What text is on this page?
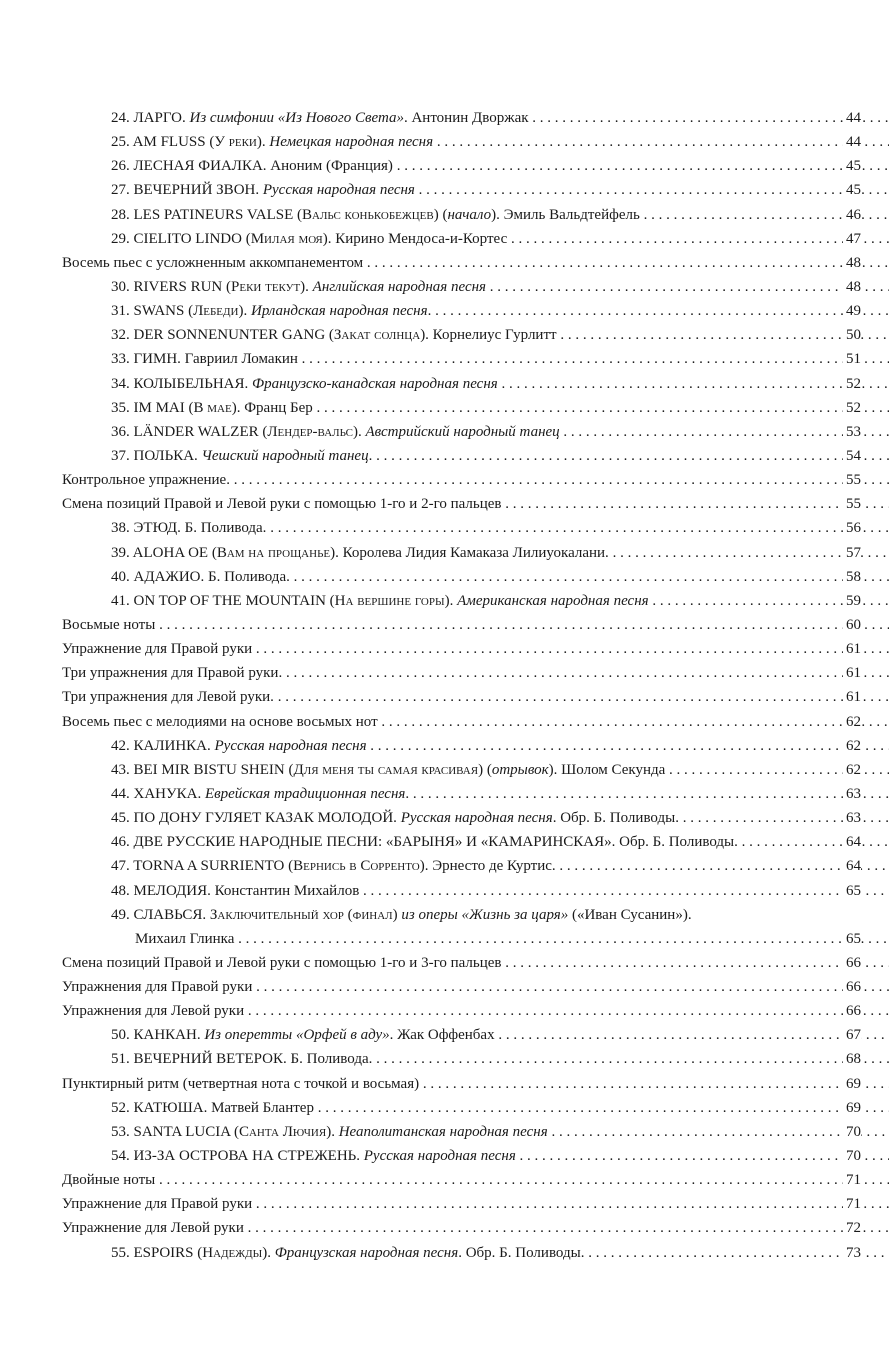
24. ЛАРГО. Из симфонии «Из Нового Света». Антонин Дворжак . . .	44
25. AM FLUSS (У реки). Немецкая народная песня . . .	44
26. ЛЕСНАЯ ФИАЛКА. Аноним (Франция) . . .	45
27. ВЕЧЕРНИЙ ЗВОН. Русская народная песня . . .	45
28. LES PATINEURS VALSE (Вальс конькобежцев) (начало). Эмиль Вальдтейфель . . .	46
29. CIELITO LINDO (Милая моя). Кирино Мендоса-и-Кортес . . .	47
Восемь пьес с усложненным аккомпанементом . . .	48
30. RIVERS RUN (Реки текут). Английская народная песня . . .	48
31. SWANS (Лебеди). Ирландская народная песня. . . .	49
32. DER SONNENUNTER GANG (Закат солнца). Корнелиус Гурлитт . . .	50
33. ГИМН. Гавриил Ломакин . . .	51
34. КОЛЫБЕЛЬНАЯ. Французско-канадская народная песня . . .	52
35. IM MAI (В мае). Франц Бер . . .	52
36. LÄNDER WALZER (Лендер-вальс). Австрийский народный танец . . .	53
37. ПОЛЬКА. Чешский народный танец. . . .	54
Контрольное упражнение. . . .	55
Смена позиций Правой и Левой руки с помощью 1-го и 2-го пальцев . . .	55
38. ЭТЮД. Б. Поливода. . . .	56
39. ALOHA OE (Вам на прощанье). Королева Лидия Камаказа Лилиуокалани. . . .	57
40. АДАЖИО. Б. Поливода. . . .	58
41. ON TOP OF THE MOUNTAIN (На вершине горы). Американская народная песня . . .	59
Восьмые ноты . . .	60
Упражнение для Правой руки . . .	61
Три упражнения для Правой руки. . . .	61
Три упражнения для Левой руки. . . .	61
Восемь пьес с мелодиями на основе восьмых нот . . .	62
42. КАЛИНКА. Русская народная песня . . .	62
43. BEI MIR BISTU SHEIN (Для меня ты самая красивая) (отрывок). Шолом Секунда . . .	62
44. ХАНУКА. Еврейская традиционная песня. . . .	63
45. ПО ДОНУ ГУЛЯЕТ КАЗАК МОЛОДОЙ. Русская народная песня. Обр. Б. Поливоды. . . .	63
46. ДВЕ РУССКИЕ НАРОДНЫЕ ПЕСНИ: «БАРЫНЯ» И «КАМАРИНСКАЯ». Обр. Б. Поливоды. . . .	64
47. TORNA A SURRIENTO (Вернись в Сорренто). Эрнесто де Куртис. . . .	64
48. МЕЛОДИЯ. Константин Михайлов . . .	65
49. СЛАВЬСЯ. Заключительный хор (финал) из оперы «Жизнь за царя» («Иван Сусанин»).
Михаил Глинка . . .	65
Смена позиций Правой и Левой руки с помощью 1-го и 3-го пальцев . . .	66
Упражнения для Правой руки . . .	66
Упражнения для Левой руки . . .	66
50. КАНКАН. Из оперетты «Орфей в аду». Жак Оффенбах . . .	67
51. ВЕЧЕРНИЙ ВЕТЕРОК. Б. Поливода. . . .	68
Пунктирный ритм (четвертная нота с точкой и восьмая) . . .	69
52. КАТЮША. Матвей Блантер . . .	69
53. SANTA LUCIA (Санта Лючия). Неаполитанская народная песня . . .	70
54. ИЗ-ЗА ОСТРОВА НА СТРЕЖЕНЬ. Русская народная песня . . .	70
Двойные ноты . . .	71
Упражнение для Правой руки . . .	71
Упражнение для Левой руки . . .	72
55. ESPOIRS (Надежды). Французская народная песня. Обр. Б. Поливоды. . . .	73
